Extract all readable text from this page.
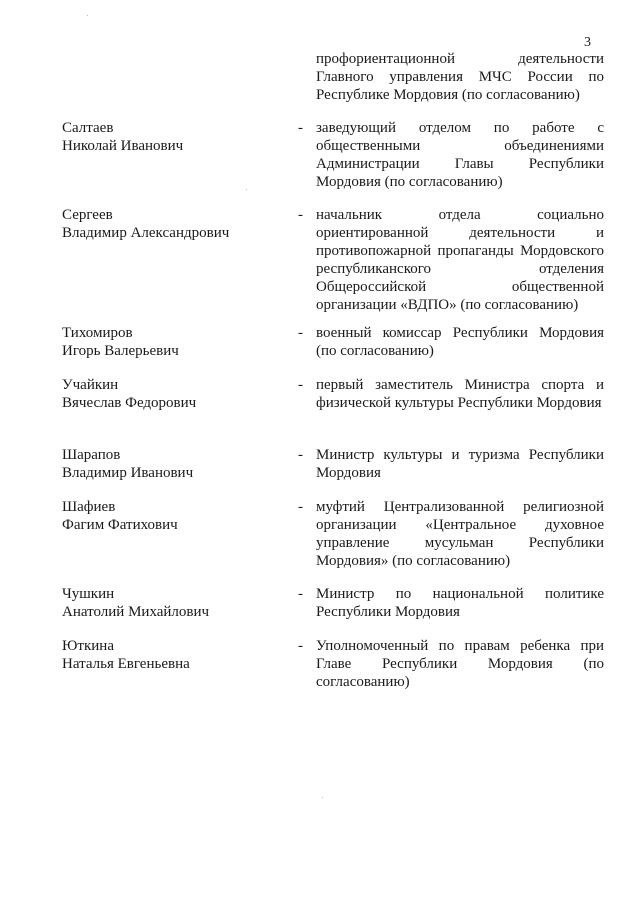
3
профориентационной деятельности Главного управления МЧС России по Республике Мордовия (по согласованию)
Салтаев
Николай Иванович
- заведующий отделом по работе с общественными объединениями Администрации Главы Республики Мордовия (по согласованию)
Сергеев
Владимир Александрович
- начальник отдела социально ориентированной деятельности и противопожарной пропаганды Мордовского республиканского отделения Общероссийской общественной организации «ВДПО» (по согласованию)
Тихомиров
Игорь Валерьевич
- военный комиссар Республики Мордовия (по согласованию)
Учайкин
Вячеслав Федорович
- первый заместитель Министра спорта и физической культуры Республики Мордовия
Шарапов
Владимир Иванович
- Министр культуры и туризма Республики Мордовия
Шафиев
Фагим Фатихович
- муфтий Централизованной религиозной организации «Центральное духовное управление мусульман Республики Мордовия» (по согласованию)
Чушкин
Анатолий Михайлович
- Министр по национальной политике Республики Мордовия
Юткина
Наталья Евгеньевна
- Уполномоченный по правам ребенка при Главе Республики Мордовия (по согласованию)
